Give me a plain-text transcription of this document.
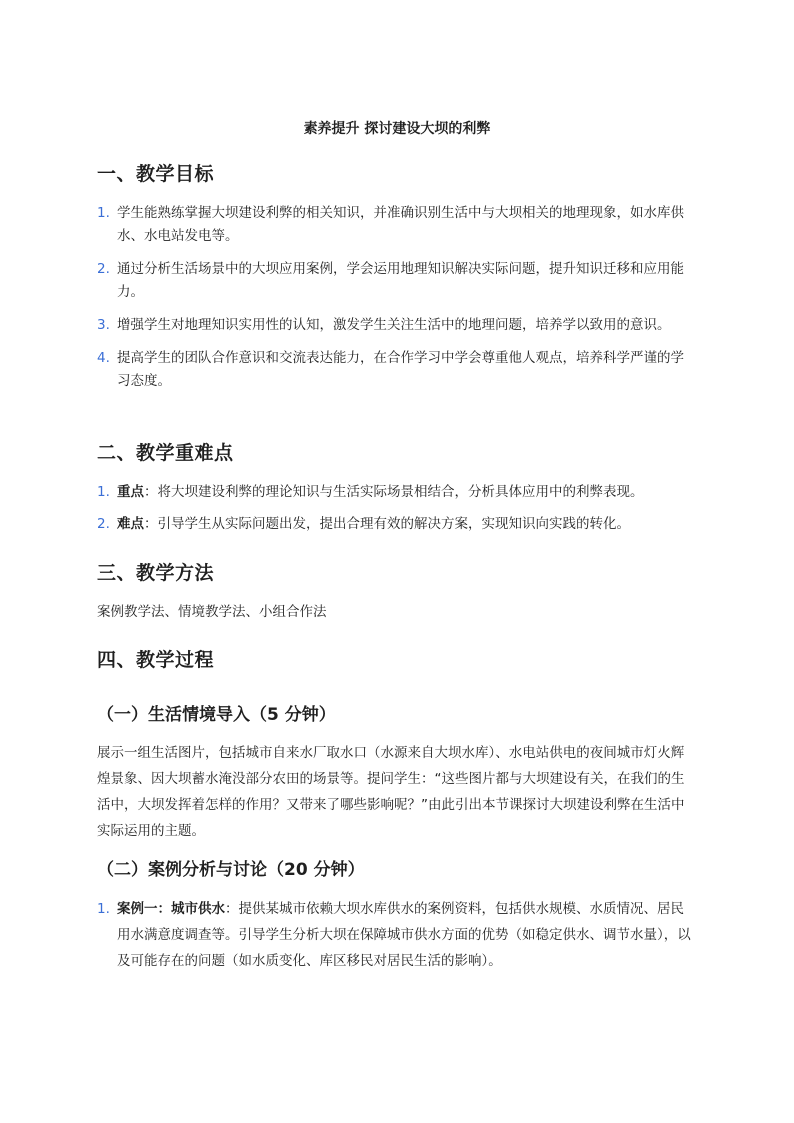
素养提升 探讨建设大坝的利弊
一、教学目标
1. 学生能熟练掌握大坝建设利弊的相关知识，并准确识别生活中与大坝相关的地理现象，如水库供水、水电站发电等。
2. 通过分析生活场景中的大坝应用案例，学会运用地理知识解决实际问题，提升知识迁移和应用能力。
3. 增强学生对地理知识实用性的认知，激发学生关注生活中的地理问题，培养学以致用的意识。
4. 提高学生的团队合作意识和交流表达能力，在合作学习中学会尊重他人观点，培养科学严谨的学习态度。
二、教学重难点
1. 重点：将大坝建设利弊的理论知识与生活实际场景相结合，分析具体应用中的利弊表现。
2. 难点：引导学生从实际问题出发，提出合理有效的解决方案，实现知识向实践的转化。
三、教学方法
案例教学法、情境教学法、小组合作法
四、教学过程
（一）生活情境导入（5 分钟）
展示一组生活图片，包括城市自来水厂取水口（水源来自大坝水库）、水电站供电的夜间城市灯火辉煌景象、因大坝蓄水淹没部分农田的场景等。提问学生：“这些图片都与大坝建设有关，在我们的生活中，大坝发挥着怎样的作用？又带来了哪些影响呢？”由此引出本节课探讨大坝建设利弊在生活中实际运用的主题。
（二）案例分析与讨论（20 分钟）
1. 案例一：城市供水：提供某城市依赖大坝水库供水的案例资料，包括供水规模、水质情况、居民用水满意度调查等。引导学生分析大坝在保障城市供水方面的优势（如稳定供水、调节水量），以及可能存在的问题（如水质变化、库区移民对居民生活的影响）。
